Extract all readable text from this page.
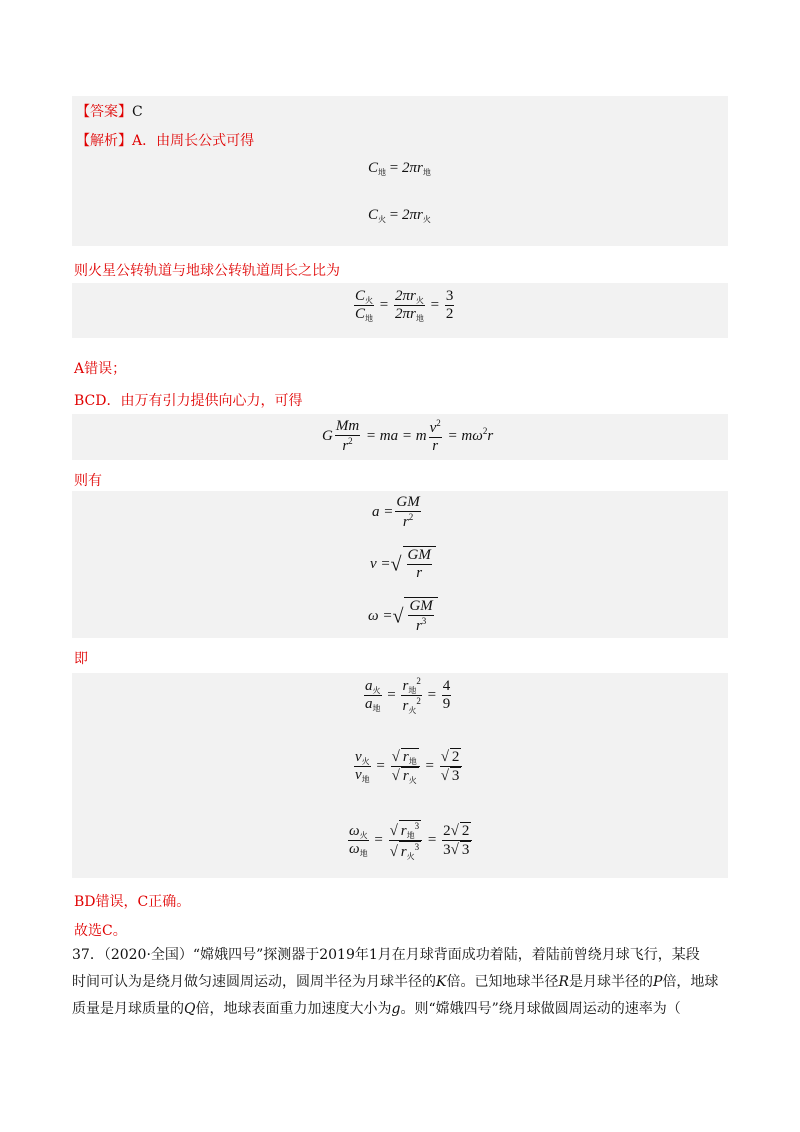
【答案】C
【解析】A．由周长公式可得
$C_地 = 2\pi r_地$
$C_火 = 2\pi r_火$
则火星公转轨道与地球公转轨道周长之比为
$\frac{C_火}{C_地} = \frac{2\pi r_火}{2\pi r_地} = \frac{3}{2}$
A错误；
BCD．由万有引力提供向心力，可得
G $\frac{Mm}{r^2}$ = ma = m $\frac{v^2}{r} = m\omega^2r$
则有
$a = \frac{GM}{r^2}$
v =√ $\frac{GM}{r}$
ω =√ $\frac{GM}{r^3}$
即
$\frac{a_火}{a_地} = \frac{r_地^2}{r_火^2} = \frac{4}{9}$
$\frac{v_火}{v_地} = \frac{√ r_地}{√ r_火} = \frac{√ 2}{√ 3}$
$\frac{\omega_火}{\omega_地} = \frac{√ r_地^3}{√ r_火^3} = \frac{2√ 2}{3√ 3}$
BD错误，C正确。
故选C。
37．（2020·全国）“嫦娥四号”探测器于2019年1月在月球背面成功着陆，着陆前曾绕月球飞行，某段
时间可认为是绕月做匀速圆周运动，圆周半径为月球半径的K倍。已知地球半径R是月球半径的P倍，地球
质量是月球质量的Q倍，地球表面重力加速度大小为g。则“嫦娥四号”绕月球做圆周运动的速率为（
